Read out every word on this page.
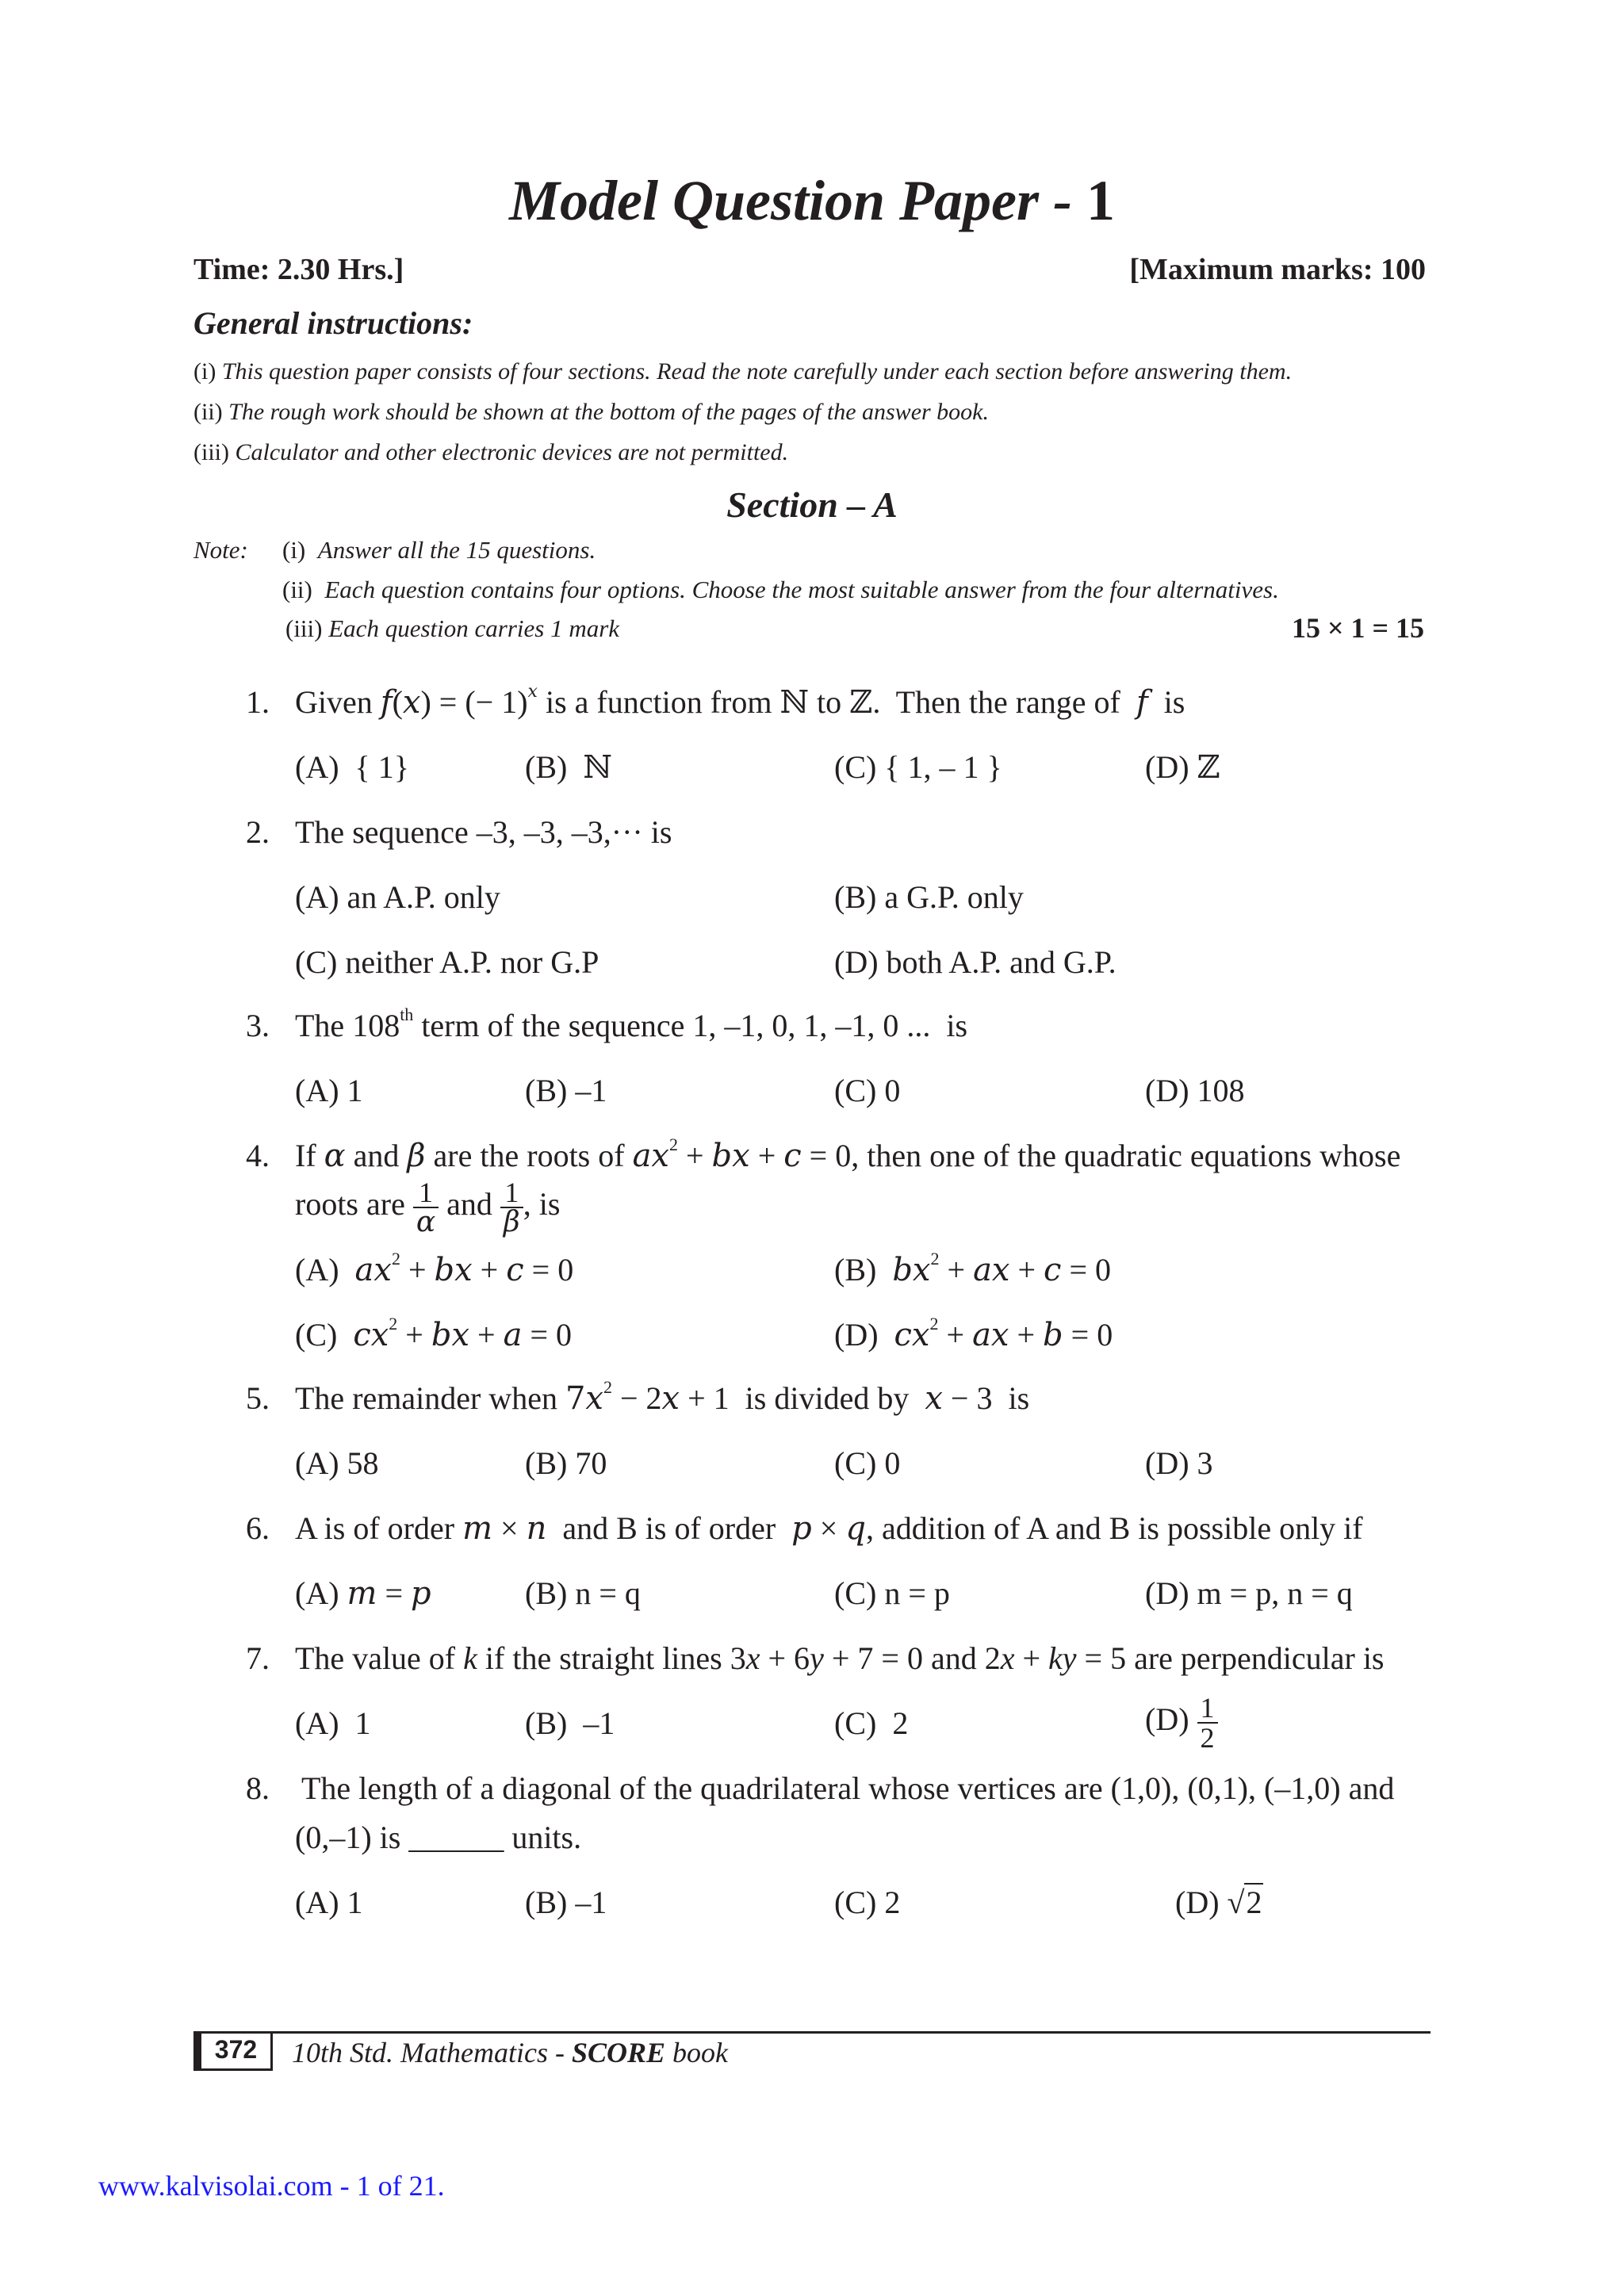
Model Question Paper - 1
Time: 2.30 Hrs.]	[Maximum marks: 100
General instructions:
(i) This question paper consists of four sections. Read the note carefully under each section before answering them.
(ii) The rough work should be shown at the bottom of the pages of the answer book.
(iii) Calculator and other electronic devices are not permitted.
Section – A
Note: (i) Answer all the 15 questions.
(ii) Each question contains four options. Choose the most suitable answer from the four alternatives.
(iii) Each question carries 1 mark	15 × 1 = 15
1. Given f(x) = (− 1)$^x$ is a function from ℕ to ℤ.  Then the range of  f  is
(A)  { 1}	(B)  ℕ	(C) { 1, – 1 }	(D) ℤ
2. The sequence –3, –3, –3,··· is
(A) an A.P. only	(B) a G.P. only
(C) neither A.P. nor G.P	(D) both A.P. and G.P.
3. The 108th term of the sequence 1, –1, 0, 1, –1, 0 ...  is
(A) 1	(B) –1	(C) 0	(D) 108
4. If α and β are the roots of $ax^2$ + bx + c = 0, then one of the quadratic equations whose
roots are $\frac{1}{\alpha}$ and $\frac{1}{\beta}$ , is
(A)  $ax^2$ + bx + c = 0	(B)  $bx^2$ + ax + c = 0
(C)  $cx^2$ + bx + a = 0	(D)  $cx^2$ + ax + b = 0
5. The remainder when $7x^2 - 2x + 1$  is divided by  x − 3  is
(A) 58	(B) 70	(C) 0	(D) 3
6. A is of order m × n  and B is of order  p × q, addition of A and B is possible only if
(A) m = p	(B) n = q	(C) n = p	(D) m = p, n = q
7. The value of k if the straight lines 3x + 6y + 7 = 0 and 2x + ky = 5 are perpendicular is
(A)  1	(B)  –1	(C)  2	$(D) \frac{1}{2}$
8. The length of a diagonal of the quadrilateral whose vertices are (1,0), (0,1), (–1,0) and
(0,–1) is ______ units.
(A) 1	(B) –1	(C) 2	(D) √2
372	10th Std. Mathematics - SCORE book
www.kalvisolai.com - 1 of 21.
